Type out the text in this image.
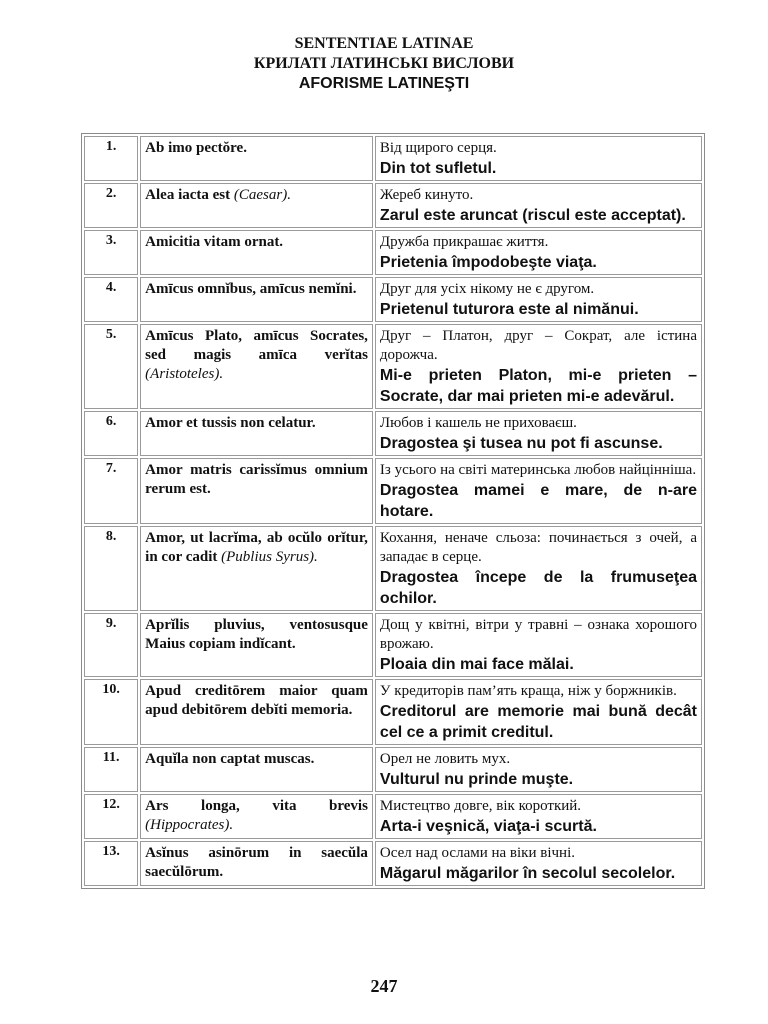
SENTENTIAE LATINAE
КРИЛАТІ ЛАТИНСЬКІ ВИСЛОВИ
AFORISME LATINEŞTI
1.	Ab imo pectŏre.	Від щирого серця.
Din tot sufletul.

2.	Alea iacta est (Caesar).	Жереб кинуто.
Zarul este aruncat (riscul este acceptat).

3.	Amicitia vitam ornat.	Дружба прикрашає життя.
Prietenia împodobeşte viaţa.

4.	Amīcus omnĭbus, amīcus nemĭni.	Друг для усіх нікому не є другом.
Prietenul tuturora este al nimănui.

5.	Amīcus Plato, amīcus Socrates, sed magis amīca verĭtas (Aristoteles).	Друг – Платон, друг – Сократ, але істина дорожча.
Mi-e prieten Platon, mi-e prieten – Socrate, dar mai prieten mi-e adevărul.

6.	Amor et tussis non celatur.	Любов і кашель не приховаєш.
Dragostea şi tusea nu pot fi ascunse.

7.	Amor matris carissĭmus omnium rerum est.	Із усього на світі материнська любов найцінніша.
Dragostea mamei e mare, de n-are hotare.

8.	Amor, ut lacrĭma, ab ocŭlo orĭtur, in cor cadit (Publius Syrus).	Кохання, неначе сльоза: починається з очей, а западає в серце.
Dragostea începe de la frumuseţea ochilor.

9.	Aprĭlis pluvius, ventosusque Maius copiam indĭcant.	Дощ у квітні, вітри у травні – ознака хорошого врожаю.
Ploaia din mai face mălai.

10.	Apud creditōrem maior quam apud debitōrem debĭti memoria.	У кредиторів пам’ять краща, ніж у боржників.
Creditorul are memorie mai bună decât cel ce a primit creditul.

11.	Aquĭla non captat muscas.	Орел не ловить мух.
Vulturul nu prinde muşte.

12.	Ars longa, vita brevis (Hippocrates).	Мистецтво довге, вік короткий.
Arta-i veşnică, viaţa-i scurtă.

13.	Asĭnus asinōrum in saecŭla saecŭlōrum.	Осел над ослами на віки вічні.
Măgarul măgarilor în secolul secolelor.
247
